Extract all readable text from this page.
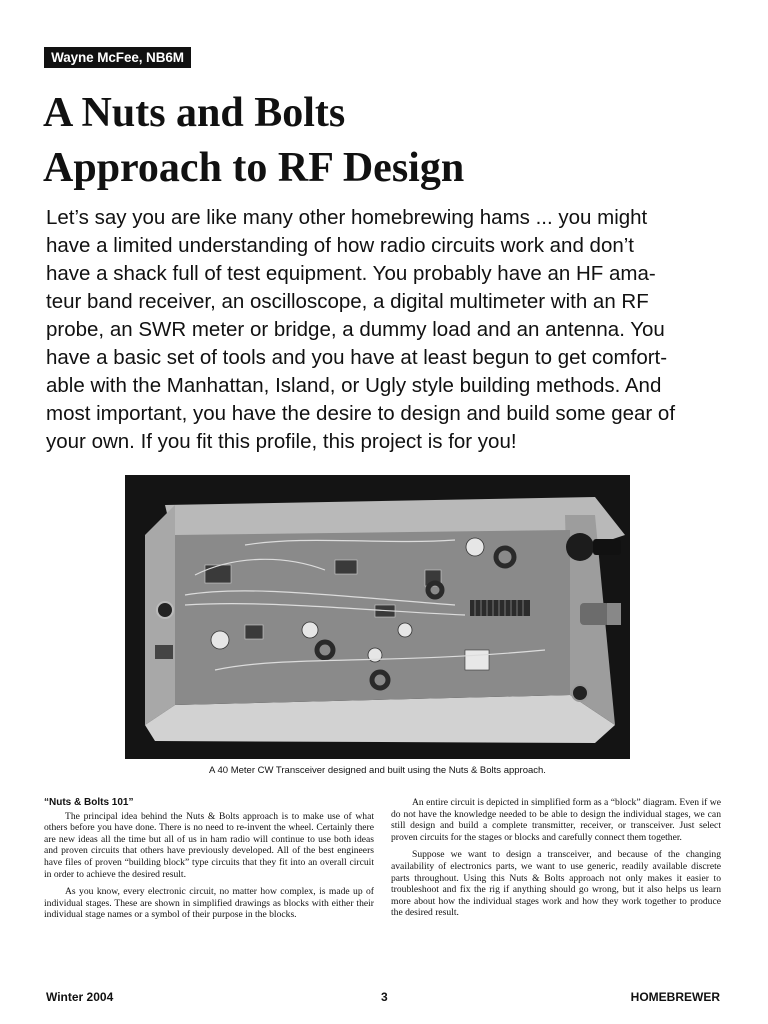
Wayne McFee, NB6M
A Nuts and Bolts
Approach to RF Design
Let’s say you are like many other homebrewing hams ... you might
have a limited understanding of how radio circuits work and don’t
have a shack full of test equipment. You probably have an HF ama-
teur band receiver, an oscilloscope, a digital multimeter with an RF
probe, an SWR meter or bridge, a dummy load and an antenna. You
have a basic set of tools and you have at least begun to get comfort-
able with the Manhattan, Island, or Ugly style building methods. And
most important, you have the desire to design and build some gear of
your own. If you fit this profile, this project is for you!
A 40 Meter CW Transceiver designed and built using the Nuts & Bolts approach.

“Nuts & Bolts 101”

The principal idea behind the Nuts & Bolts approach is to make use of what others before you have done. There is no need to re-invent the wheel. Certainly there are new ideas all the time but all of us in ham radio will continue to use both ideas and proven circuits that others have previously developed. All of the best engineers have files of proven “building block” type circuits that they fit into an overall circuit in order to achieve the desired result.

As you know, every electronic circuit, no matter how complex, is made up of individual stages. These are shown in simplified drawings as blocks with either their individual stage names or a symbol of their purpose in the blocks.

An entire circuit is depicted in simplified form as a “block” diagram. Even if we do not have the knowledge needed to be able to design the individual stages, we can still design and build a complete transmitter, receiver, or transceiver. Just select proven circuits for the stages or blocks and carefully connect them together.

Suppose we want to design a transceiver, and because of the changing availability of electronics parts, we want to use generic, readily available discrete parts throughout. Using this Nuts & Bolts approach not only makes it easier to troubleshoot and fix the rig if anything should go wrong, but it also helps us learn more about how the individual stages work and how they work together to produce the desired result.

Winter 2004	3	HOMEBREWER
